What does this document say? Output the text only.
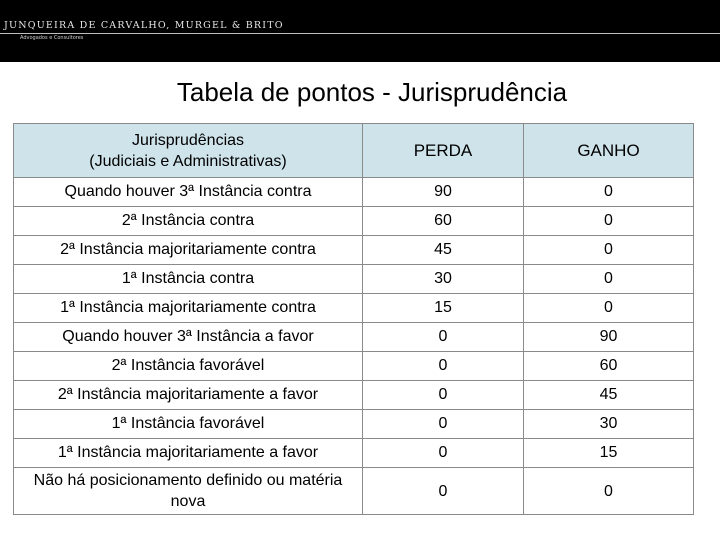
JUNQUEIRA DE CARVALHO, MURGEL & BRITO
Advogados e Consultores
Tabela de pontos - Jurisprudência
Jurisprudências
(Judiciais e Administrativas)	PERDA	GANHO
Quando houver 3ª Instância contra	90	0
2ª Instância contra	60	0
2ª Instância majoritariamente contra	45	0
1ª Instância contra	30	0
1ª Instância majoritariamente contra	15	0
Quando houver 3ª Instância a favor	0	90
2ª Instância favorável	0	60
2ª Instância majoritariamente a favor	0	45
1ª Instância favorável	0	30
1ª Instância majoritariamente a favor	0	15
Não há posicionamento definido ou matéria nova	0	0
